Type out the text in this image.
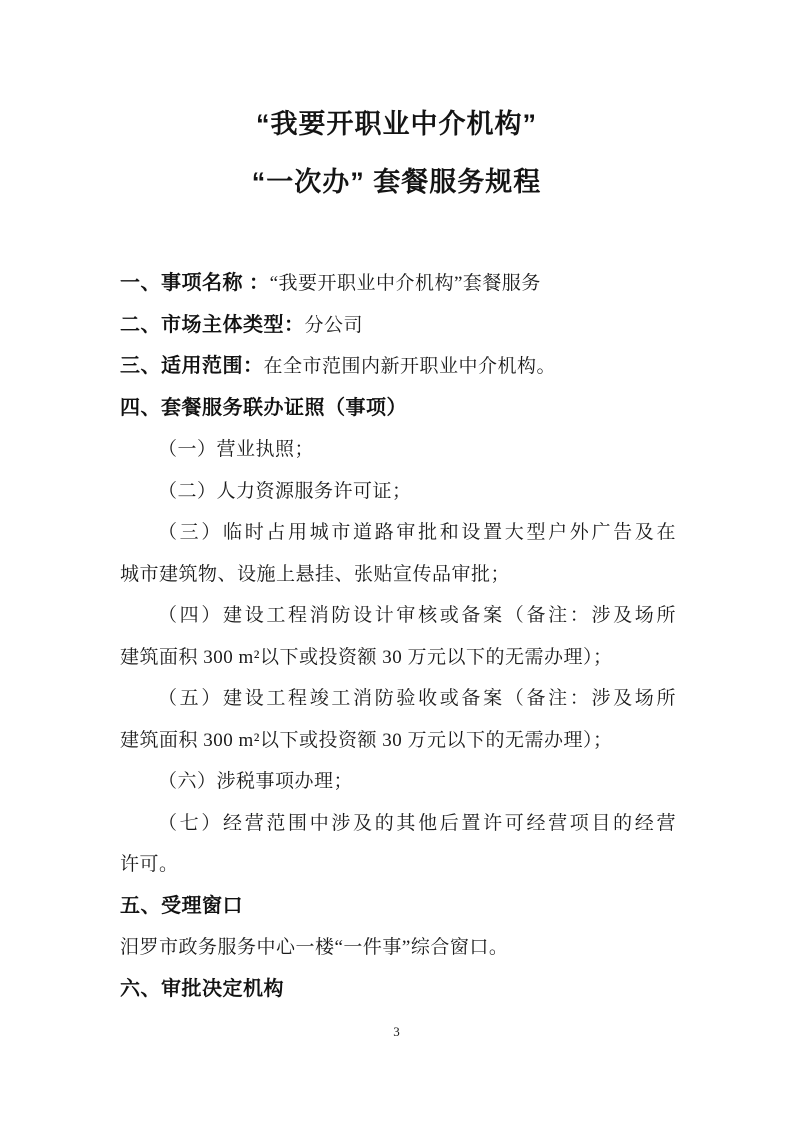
“我要开职业中介机构”
“一次办” 套餐服务规程

一、事项名称 ：“我要开职业中介机构”套餐服务

二、市场主体类型：分公司

三、适用范围：在全市范围内新开职业中介机构。

四、套餐服务联办证照（事项）

（一）营业执照；

（二）人力资源服务许可证；

（三）临时占用城市道路审批和设置大型户外广告及在

城市建筑物、设施上悬挂、张贴宣传品审批；

（四）建设工程消防设计审核或备案（备注：涉及场所

建筑面积 300 m²以下或投资额 30 万元以下的无需办理）；

（五）建设工程竣工消防验收或备案（备注：涉及场所

建筑面积 300 m²以下或投资额 30 万元以下的无需办理）；

（六）涉税事项办理；

（七）经营范围中涉及的其他后置许可经营项目的经营

许可。

五、受理窗口

汨罗市政务服务中心一楼“一件事”综合窗口。

六、审批决定机构

3
